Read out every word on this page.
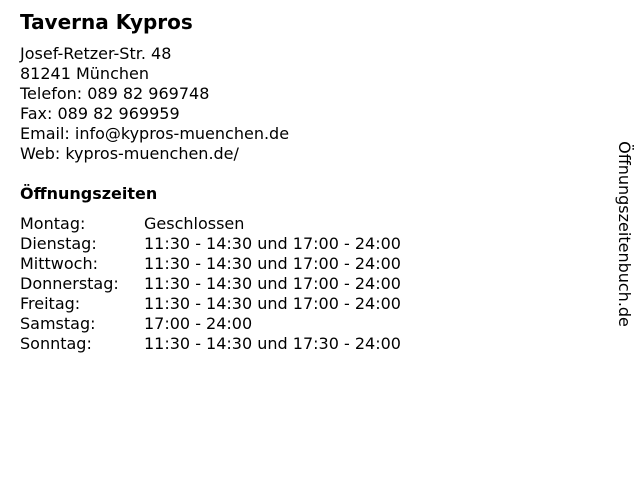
Taverna Kypros
Josef-Retzer-Str. 48
81241 München
Telefon: 089 82 969748
Fax: 089 82 969959
Email: info@kypros-muenchen.de
Web: kypros-muenchen.de/
Öffnungszeiten
Montag:	Geschlossen
Dienstag:	11:30 - 14:30 und 17:00 - 24:00
Mittwoch:	11:30 - 14:30 und 17:00 - 24:00
Donnerstag:	11:30 - 14:30 und 17:00 - 24:00
Freitag:	11:30 - 14:30 und 17:00 - 24:00
Samstag:	17:00 - 24:00
Sonntag:	11:30 - 14:30 und 17:30 - 24:00
Öffnungszeitenbuch.de
